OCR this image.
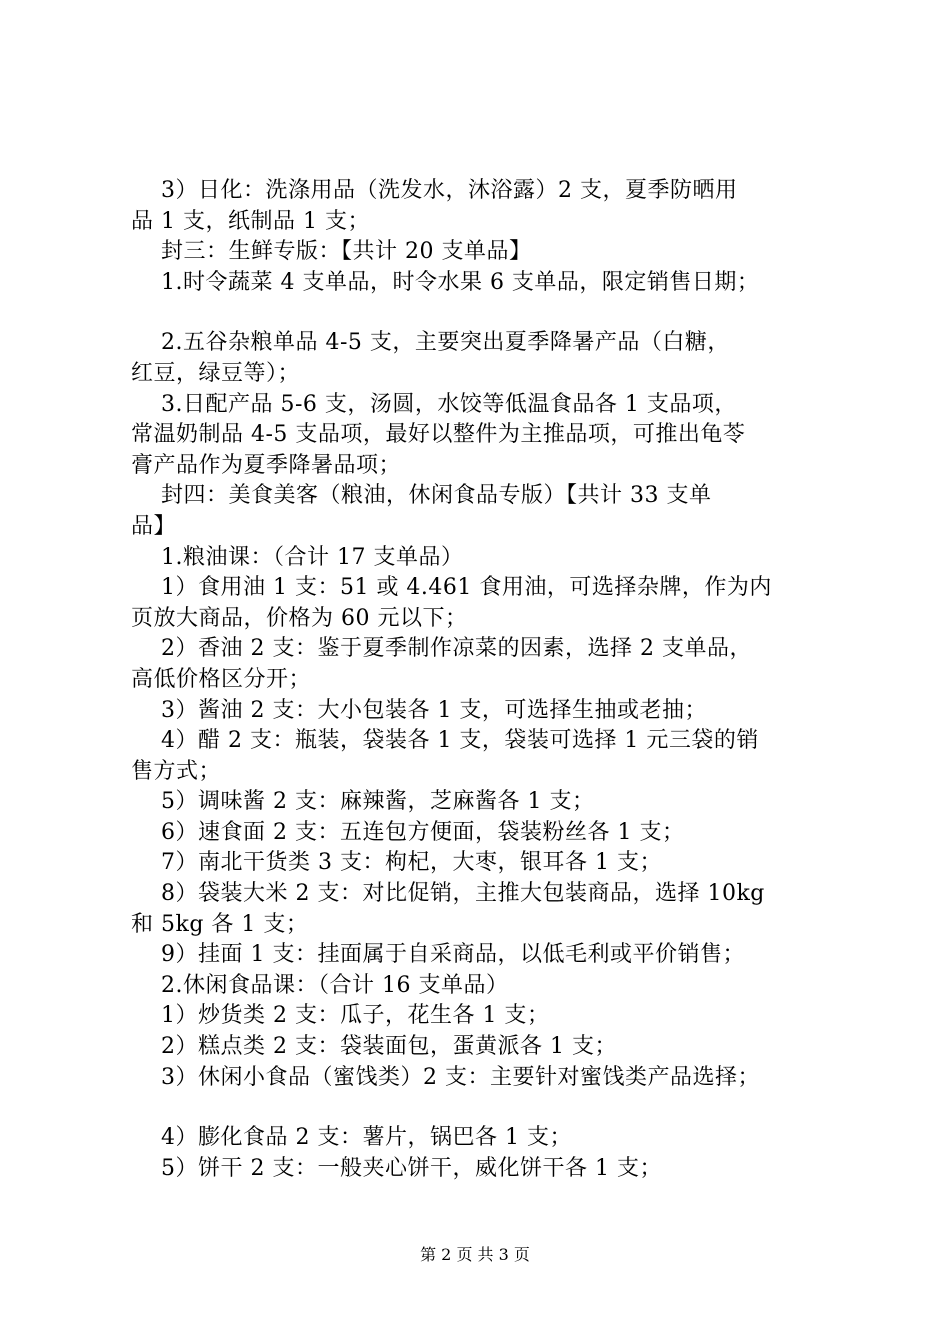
3）日化：洗涤用品（洗发水，沐浴露）2 支，夏季防晒用
品 1 支，纸制品 1 支；
封三：生鲜专版：【共计 20 支单品】
1.时令蔬菜 4 支单品，时令水果 6 支单品，限定销售日期；
2.五谷杂粮单品 4-5 支，主要突出夏季降暑产品（白糖，
红豆，绿豆等）；
3.日配产品 5-6 支，汤圆，水饺等低温食品各 1 支品项，
常温奶制品 4-5 支品项，最好以整件为主推品项，可推出龟苓
膏产品作为夏季降暑品项；
封四：美食美客（粮油，休闲食品专版）【共计 33 支单
品】
1.粮油课：（合计 17 支单品）
1）食用油 1 支：51 或 4.461 食用油，可选择杂牌，作为内
页放大商品，价格为 60 元以下；
2）香油 2 支：鉴于夏季制作凉菜的因素，选择 2 支单品，
高低价格区分开；
3）酱油 2 支：大小包装各 1 支，可选择生抽或老抽；
4）醋 2 支：瓶装，袋装各 1 支，袋装可选择 1 元三袋的销
售方式；
5）调味酱 2 支：麻辣酱，芝麻酱各 1 支；
6）速食面 2 支：五连包方便面，袋装粉丝各 1 支；
7）南北干货类 3 支：枸杞，大枣，银耳各 1 支；
8）袋装大米 2 支：对比促销，主推大包装商品，选择 10kg
和 5kg 各 1 支；
9）挂面 1 支：挂面属于自采商品，以低毛利或平价销售；
2.休闲食品课：（合计 16 支单品）
1）炒货类 2 支：瓜子，花生各 1 支；
2）糕点类 2 支：袋装面包，蛋黄派各 1 支；
3）休闲小食品（蜜饯类）2 支：主要针对蜜饯类产品选择；
4）膨化食品 2 支：薯片，锅巴各 1 支；
5）饼干 2 支：一般夹心饼干，威化饼干各 1 支；
第 2 页 共 3 页
